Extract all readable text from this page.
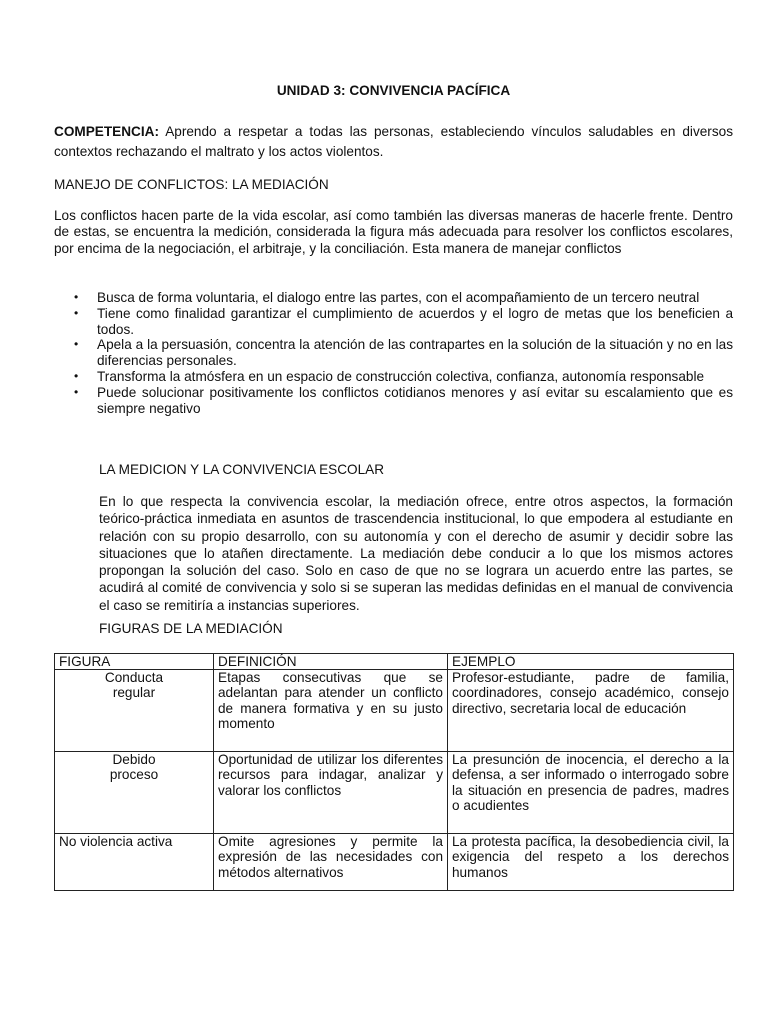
UNIDAD 3: CONVIVENCIA PACÍFICA
COMPETENCIA: Aprendo a respetar a todas las personas, estableciendo vínculos saludables en diversos contextos rechazando el maltrato y los actos violentos.
MANEJO DE CONFLICTOS: LA MEDIACIÓN
Los conflictos hacen parte de la vida escolar, así como también las diversas maneras de hacerle frente. Dentro de estas, se encuentra la medición, considerada la figura más adecuada para resolver los conflictos escolares, por encima de la negociación, el arbitraje, y la conciliación. Esta manera de manejar conflictos
• Busca de forma voluntaria, el dialogo entre las partes, con el acompañamiento de un tercero neutral
• Tiene como finalidad garantizar el cumplimiento de acuerdos y el logro de metas que los beneficien a todos.
• Apela a la persuasión, concentra la atención de las contrapartes en la solución de la situación y no en las diferencias personales.
• Transforma la atmósfera en un espacio de construcción colectiva, confianza, autonomía responsable
• Puede solucionar positivamente los conflictos cotidianos menores y así evitar su escalamiento que es siempre negativo
LA MEDICION Y LA CONVIVENCIA ESCOLAR
En lo que respecta la convivencia escolar, la mediación ofrece, entre otros aspectos, la formación teórico-práctica inmediata en asuntos de trascendencia institucional, lo que empodera al estudiante en relación con su propio desarrollo, con su autonomía y con el derecho de asumir y decidir sobre las situaciones que lo atañen directamente. La mediación debe conducir a lo que los mismos actores propongan la solución del caso. Solo en caso de que no se lograra un acuerdo entre las partes, se acudirá al comité de convivencia y solo si se superan las medidas definidas en el manual de convivencia el caso se remitiría a instancias superiores.
FIGURAS DE LA MEDIACIÓN
FIGURA	DEFINICIÓN	EJEMPLO

Conducta regular	Etapas consecutivas que se adelantan para atender un conflicto de manera formativa y en su justo momento	Profesor-estudiante, padre de familia, coordinadores, consejo académico, consejo directivo, secretaria local de educación

Debido proceso	Oportunidad de utilizar los diferentes recursos para indagar, analizar y valorar los conflictos	La presunción de inocencia, el derecho a la defensa, a ser informado o interrogado sobre la situación en presencia de padres, madres o acudientes
No violencia activa	Omite agresiones y permite la expresión de las necesidades con métodos alternativos	La protesta pacífica, la desobediencia civil, la exigencia del respeto a los derechos humanos
